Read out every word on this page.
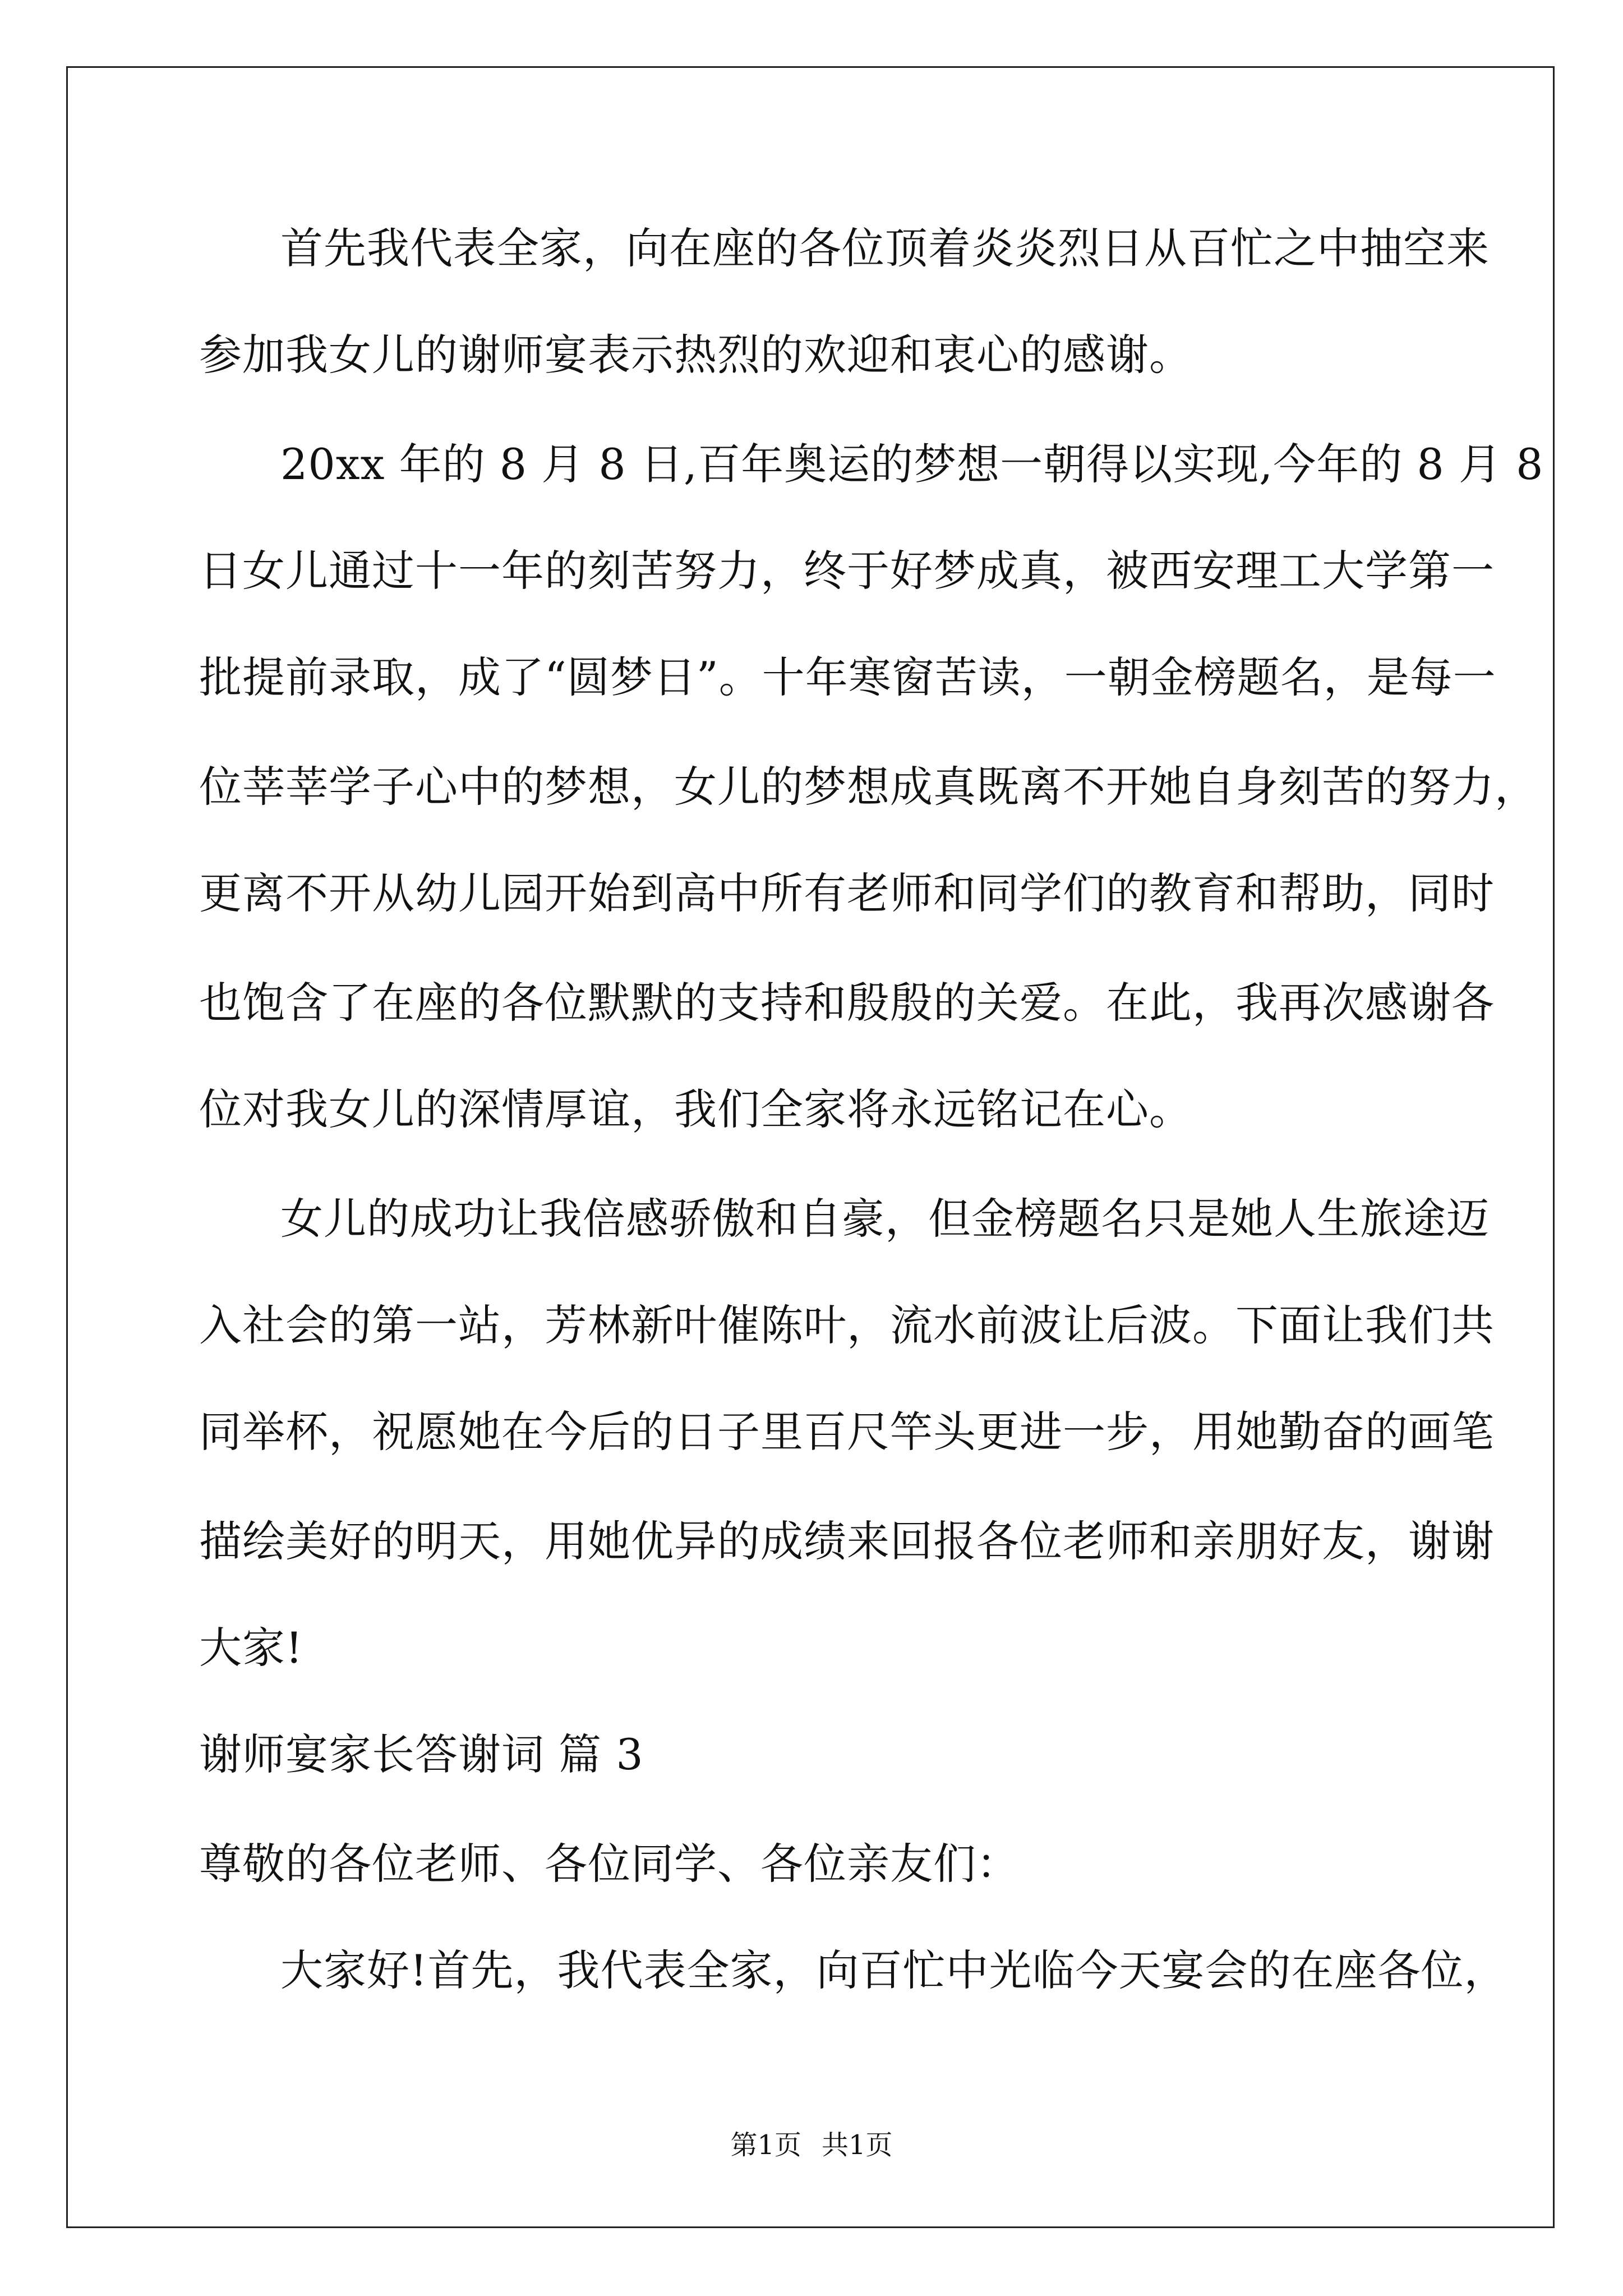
首先我代表全家，向在座的各位顶着炎炎烈日从百忙之中抽空来
参加我女儿的谢师宴表示热烈的欢迎和衷心的感谢。
20xx 年的 8 月 8 日,百年奥运的梦想一朝得以实现,今年的 8 月 8
日女儿通过十一年的刻苦努力，终于好梦成真，被西安理工大学第一
批提前录取，成了“圆梦日”。十年寒窗苦读，一朝金榜题名，是每一
位莘莘学子心中的梦想，女儿的梦想成真既离不开她自身刻苦的努力，
更离不开从幼儿园开始到高中所有老师和同学们的教育和帮助，同时
也饱含了在座的各位默默的支持和殷殷的关爱。在此，我再次感谢各
位对我女儿的深情厚谊，我们全家将永远铭记在心。
女儿的成功让我倍感骄傲和自豪，但金榜题名只是她人生旅途迈
入社会的第一站，芳林新叶催陈叶，流水前波让后波。下面让我们共
同举杯，祝愿她在今后的日子里百尺竿头更进一步，用她勤奋的画笔
描绘美好的明天，用她优异的成绩来回报各位老师和亲朋好友，谢谢
大家!
谢师宴家长答谢词 篇 3
尊敬的各位老师、各位同学、各位亲友们：
大家好!首先，我代表全家，向百忙中光临今天宴会的在座各位，
第1页 共1页
